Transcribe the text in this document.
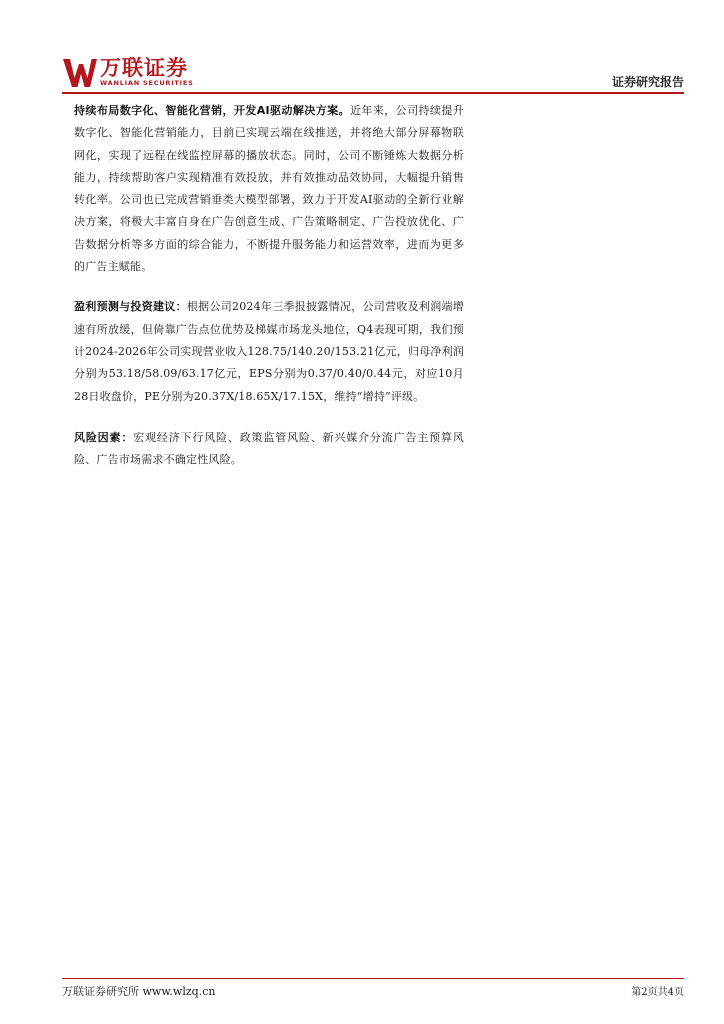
万联证券
WANLIAN SECURITIES	证券研究报告

持续布局数字化、智能化营销，开发AI驱动解决方案。近年来，公司持续提升数字化、智能化营销能力，目前已实现云端在线推送，并将绝大部分屏幕物联网化，实现了远程在线监控屏幕的播放状态。同时，公司不断锤炼大数据分析能力，持续帮助客户实现精准有效投放，并有效推动品效协同，大幅提升销售转化率。公司也已完成营销垂类大模型部署，致力于开发AI驱动的全新行业解决方案，将极大丰富自身在广告创意生成、广告策略制定、广告投放优化、广告数据分析等多方面的综合能力，不断提升服务能力和运营效率，进而为更多的广告主赋能。

盈利预测与投资建议：根据公司2024年三季报披露情况，公司营收及利润端增速有所放缓，但倚靠广告点位优势及梯媒市场龙头地位，Q4表现可期，我们预计2024-2026年公司实现营业收入128.75/140.20/153.21亿元，归母净利润分别为53.18/58.09/63.17亿元，EPS分别为0.37/0.40/0.44元，对应10月28日收盘价，PE分别为20.37X/18.65X/17.15X，维持“增持”评级。

风险因素：宏观经济下行风险、政策监管风险、新兴媒介分流广告主预算风险、广告市场需求不确定性风险。

万联证券研究所 www.wlzq.cn	第2页共4页
